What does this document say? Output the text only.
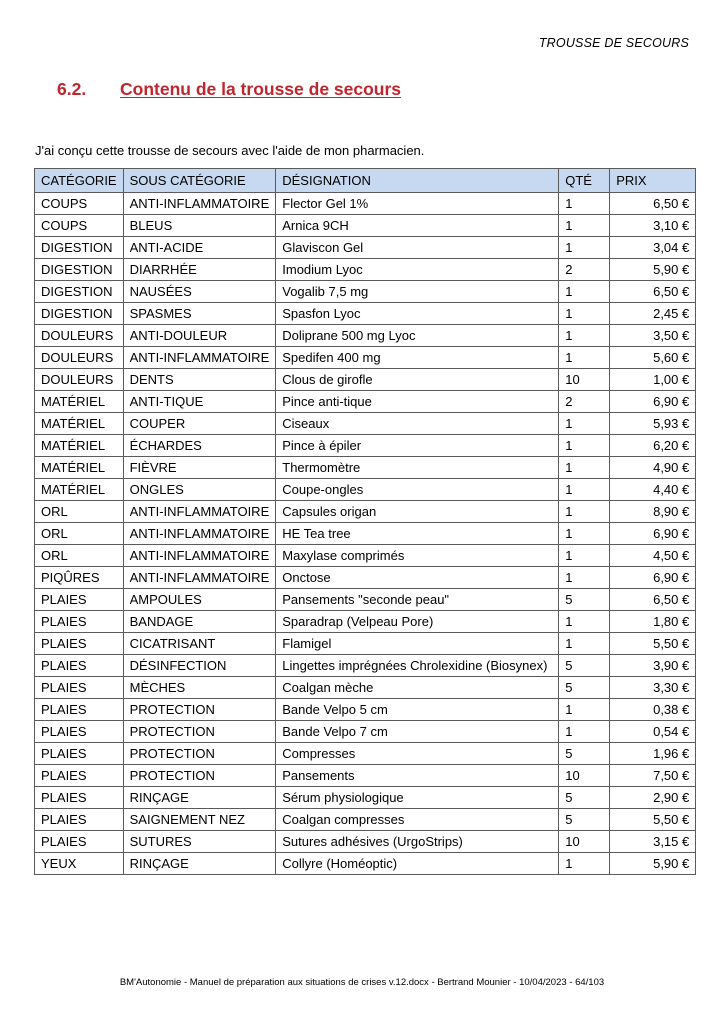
TROUSSE DE SECOURS
6.2. Contenu de la trousse de secours
J'ai conçu cette trousse de secours avec l'aide de mon pharmacien.
CATÉGORIE	SOUS CATÉGORIE	DÉSIGNATION	QTÉ	PRIX
COUPS	ANTI-INFLAMMATOIRE	Flector Gel 1%	1	6,50 €
COUPS	BLEUS	Arnica 9CH	1	3,10 €
DIGESTION	ANTI-ACIDE	Glaviscon Gel	1	3,04 €
DIGESTION	DIARRHÉE	Imodium Lyoc	2	5,90 €
DIGESTION	NAUSÉES	Vogalib 7,5 mg	1	6,50 €
DIGESTION	SPASMES	Spasfon Lyoc	1	2,45 €
DOULEURS	ANTI-DOULEUR	Doliprane 500 mg Lyoc	1	3,50 €
DOULEURS	ANTI-INFLAMMATOIRE	Spedifen 400 mg	1	5,60 €
DOULEURS	DENTS	Clous de girofle	10	1,00 €
MATÉRIEL	ANTI-TIQUE	Pince anti-tique	2	6,90 €
MATÉRIEL	COUPER	Ciseaux	1	5,93 €
MATÉRIEL	ÉCHARDES	Pince à épiler	1	6,20 €
MATÉRIEL	FIÈVRE	Thermomètre	1	4,90 €
MATÉRIEL	ONGLES	Coupe-ongles	1	4,40 €
ORL	ANTI-INFLAMMATOIRE	Capsules origan	1	8,90 €
ORL	ANTI-INFLAMMATOIRE	HE Tea tree	1	6,90 €
ORL	ANTI-INFLAMMATOIRE	Maxylase comprimés	1	4,50 €
PIQÛRES	ANTI-INFLAMMATOIRE	Onctose	1	6,90 €
PLAIES	AMPOULES	Pansements "seconde peau"	5	6,50 €
PLAIES	BANDAGE	Sparadrap (Velpeau Pore)	1	1,80 €
PLAIES	CICATRISANT	Flamigel	1	5,50 €
PLAIES	DÉSINFECTION	Lingettes imprégnées Chrolexidine (Biosynex)	5	3,90 €
PLAIES	MÈCHES	Coalgan mèche	5	3,30 €
PLAIES	PROTECTION	Bande Velpo 5 cm	1	0,38 €
PLAIES	PROTECTION	Bande Velpo 7 cm	1	0,54 €
PLAIES	PROTECTION	Compresses	5	1,96 €
PLAIES	PROTECTION	Pansements	10	7,50 €
PLAIES	RINÇAGE	Sérum physiologique	5	2,90 €
PLAIES	SAIGNEMENT NEZ	Coalgan compresses	5	5,50 €
PLAIES	SUTURES	Sutures adhésives (UrgoStrips)	10	3,15 €
YEUX	RINÇAGE	Collyre (Homéoptic)	1	5,90 €
BM'Autonomie - Manuel de préparation aux situations de crises v.12.docx - Bertrand Mounier - 10/04/2023 - 64/103
